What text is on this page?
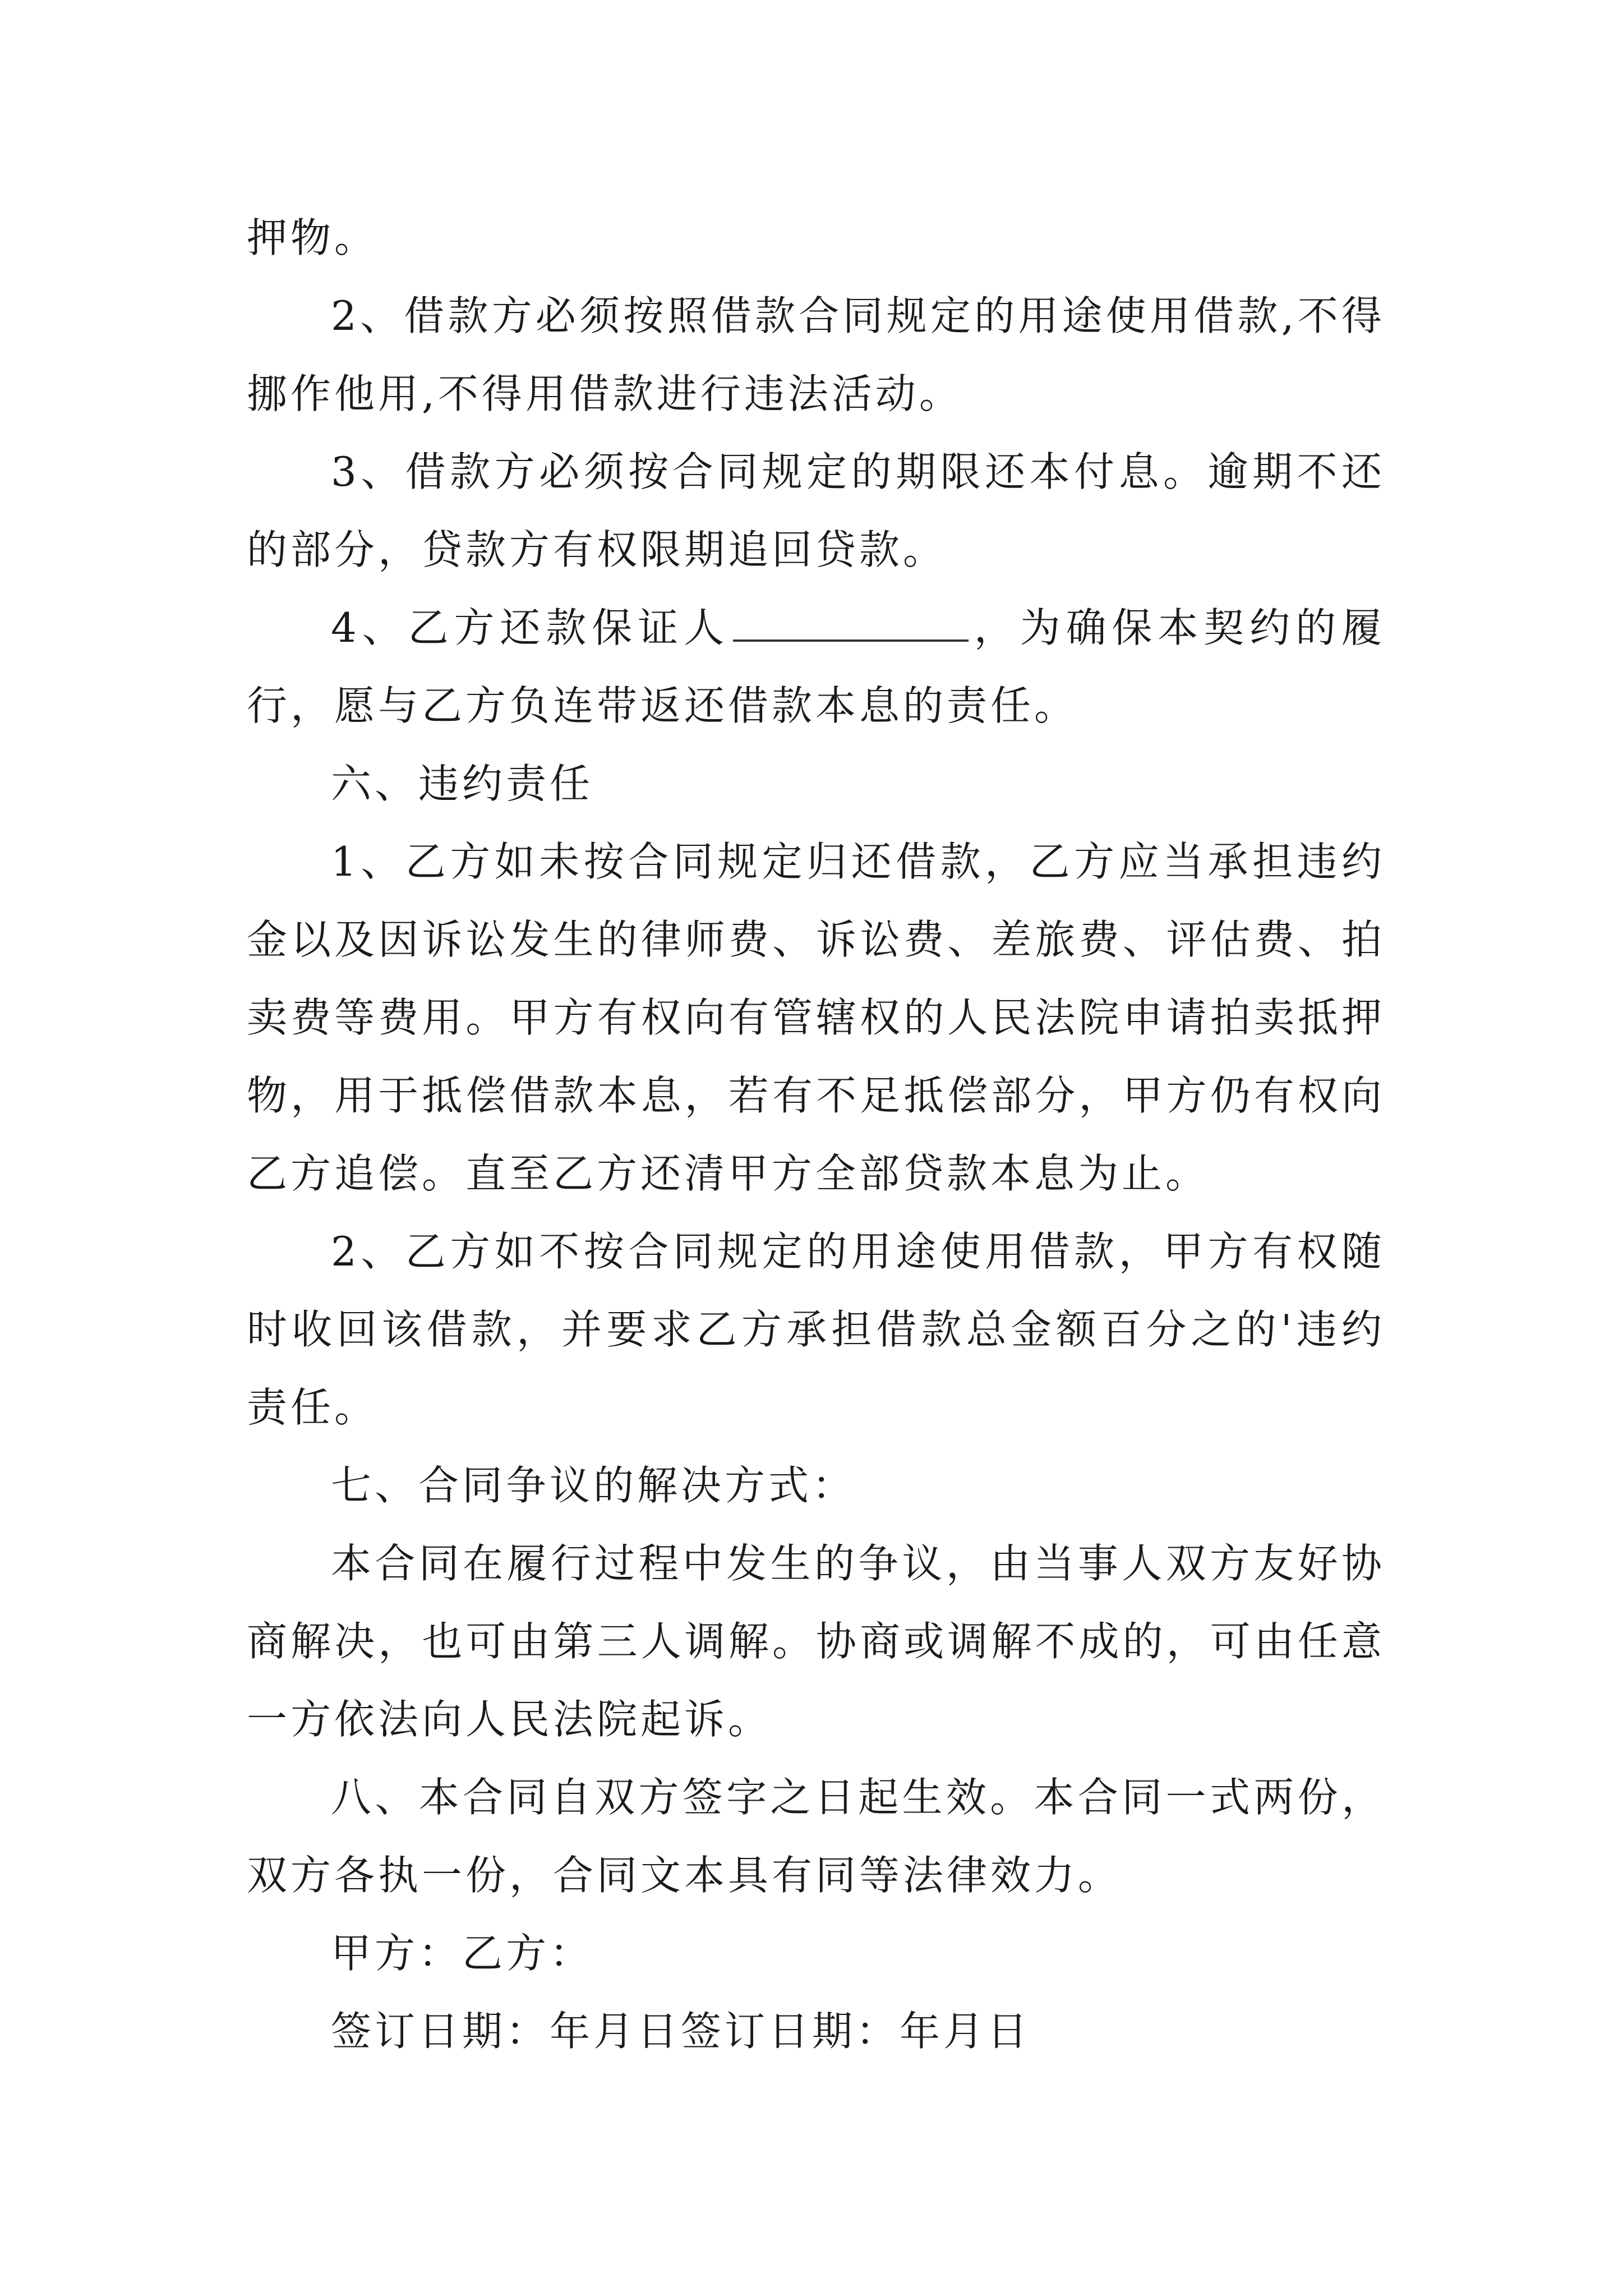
押物。

2、借款方必须按照借款合同规定的用途使用借款,不得挪作他用,不得用借款进行违法活动。

3、借款方必须按合同规定的期限还本付息。逾期不还的部分，贷款方有权限期追回贷款。

4、乙方还款保证人	，为确保本契约的履行，愿与乙方负连带返还借款本息的责任。

六、违约责任

1、乙方如未按合同规定归还借款，乙方应当承担违约金以及因诉讼发生的律师费、诉讼费、差旅费、评估费、拍卖费等费用。甲方有权向有管辖权的人民法院申请拍卖抵押物，用于抵偿借款本息，若有不足抵偿部分，甲方仍有权向乙方追偿。直至乙方还清甲方全部贷款本息为止。

2、乙方如不按合同规定的用途使用借款，甲方有权随时收回该借款，并要求乙方承担借款总金额百分之的'违约责任。

七、合同争议的解决方式：

本合同在履行过程中发生的争议，由当事人双方友好协商解决，也可由第三人调解。协商或调解不成的，可由任意一方依法向人民法院起诉。

八、本合同自双方签字之日起生效。本合同一式两份，双方各执一份，合同文本具有同等法律效力。

甲方：乙方：

签订日期：年月日签订日期：年月日
